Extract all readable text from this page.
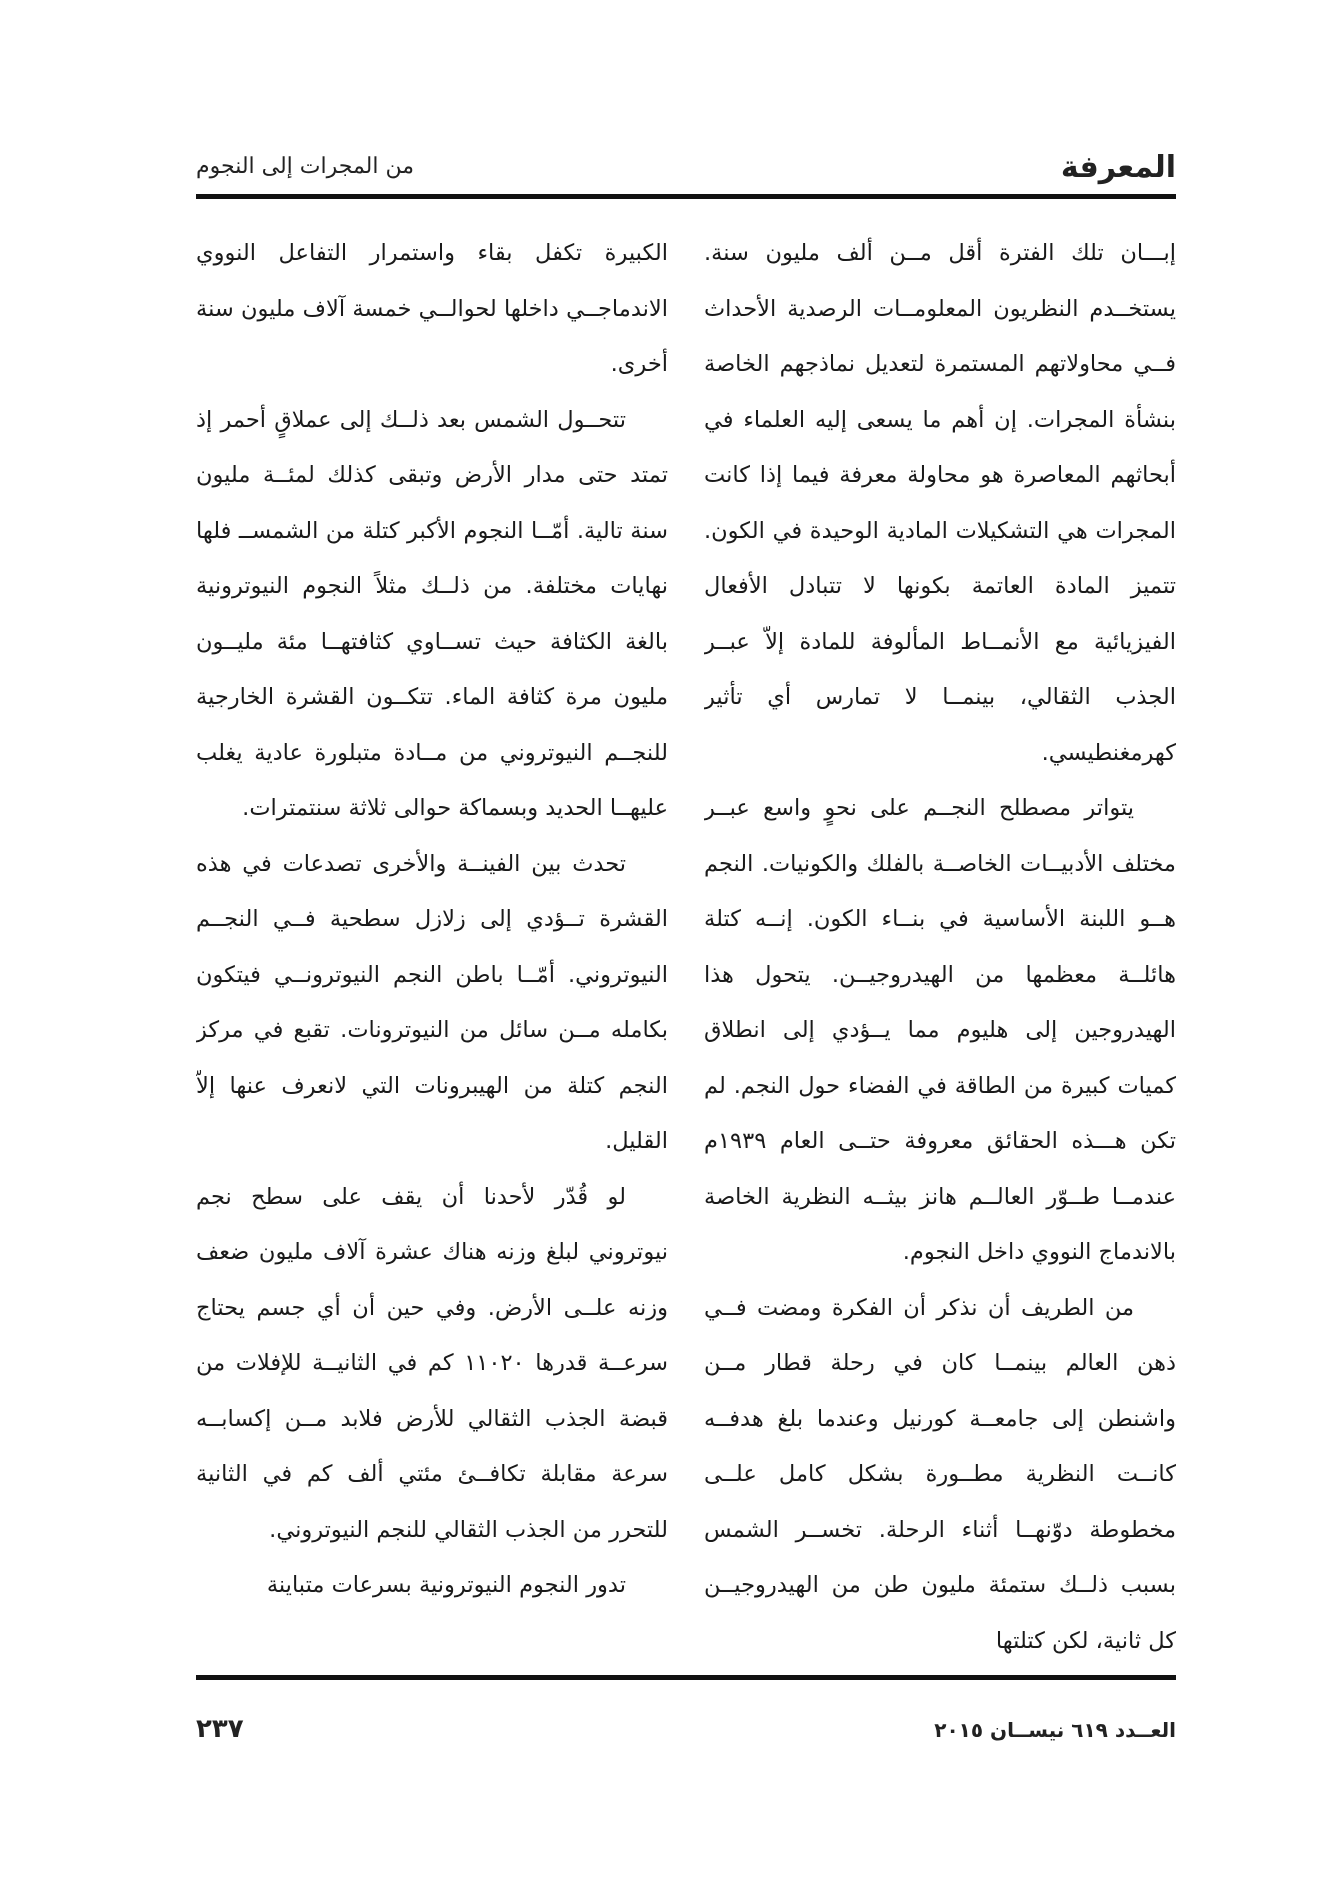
المعرفة
من المجرات إلى النجوم

إبـــان تلك الفترة أقل مــن ألف مليون سنة. يستخــدم النظريون المعلومــات الرصدية الأحداث فــي محاولاتهم المستمرة لتعديل نماذجهم الخاصة بنشأة المجرات. إن أهم ما يسعى إليه العلماء في أبحاثهم المعاصرة هو محاولة معرفة فيما إذا كانت المجرات هي التشكيلات المادية الوحيدة في الكون. تتميز المادة العاتمة بكونها لا تتبادل الأفعال الفيزيائية مع الأنمــاط المألوفة للمادة إلاّ عبــر الجذب الثقالي، بينمــا لا تمارس أي تأثير كهرمغنطيسي.

يتواتر مصطلح النجــم على نحوٍ واسع عبــر مختلف الأدبيــات الخاصــة بالفلك والكونيات. النجم هــو اللبنة الأساسية في بنــاء الكون. إنــه كتلة هائلــة معظمها من الهيدروجيــن. يتحول هذا الهيدروجين إلى هليوم مما يــؤدي إلى انطلاق كميات كبيرة من الطاقة في الفضاء حول النجم. لم تكن هـــذه الحقائق معروفة حتــى العام ١٩٣٩م عندمــا طــوّر العالــم هانز بيثــه النظرية الخاصة بالاندماج النووي داخل النجوم.

من الطريف أن نذكر أن الفكرة ومضت فــي ذهن العالم بينمــا كان في رحلة قطار مــن واشنطن إلى جامعــة كورنيل وعندما بلغ هدفــه كانــت النظرية مطــورة بشكل كامل علــى مخطوطة دوّنهــا أثناء الرحلة. تخســر الشمس بسبب ذلــك ستمئة مليون طن من الهيدروجيــن كل ثانية، لكن كتلتها

الكبيرة تكفل بقاء واستمرار التفاعل النووي الاندماجــي داخلها لحوالــي خمسة آلاف مليون سنة أخرى.

تتحــول الشمس بعد ذلــك إلى عملاقٍ أحمر إذ تمتد حتى مدار الأرض وتبقى كذلك لمئــة مليون سنة تالية. أمّــا النجوم الأكبر كتلة من الشمســ فلها نهايات مختلفة. من ذلــك مثلاً النجوم النيوترونية بالغة الكثافة حيث تســاوي كثافتهــا مئة مليــون مليون مرة كثافة الماء. تتكــون القشرة الخارجية للنجــم النيوتروني من مــادة متبلورة عادية يغلب عليهــا الحديد وبسماكة حوالى ثلاثة سنتمترات.

تحدث بين الفينــة والأخرى تصدعات في هذه القشرة تــؤدي إلى زلازل سطحية فــي النجــم النيوتروني. أمّــا باطن النجم النيوترونــي فيتكون بكامله مــن سائل من النيوترونات. تقبع في مركز النجم كتلة من الهيبرونات التي لانعرف عنها إلاّ القليل.

لو قُدّر لأحدنا أن يقف على سطح نجم نيوتروني لبلغ وزنه هناك عشرة آلاف مليون ضعف وزنه علــى الأرض. وفي حين أن أي جسم يحتاج سرعــة قدرها ١١٠٢٠ كم في الثانيــة للإفلات من قبضة الجذب الثقالي للأرض فلابد مــن إكسابــه سرعة مقابلة تكافــئ مئتي ألف كم في الثانية للتحرر من الجذب الثقالي للنجم النيوتروني.

تدور النجوم النيوترونية بسرعات متباينة

العــدد ٦١٩ نيســان ٢٠١٥
٢٣٧
